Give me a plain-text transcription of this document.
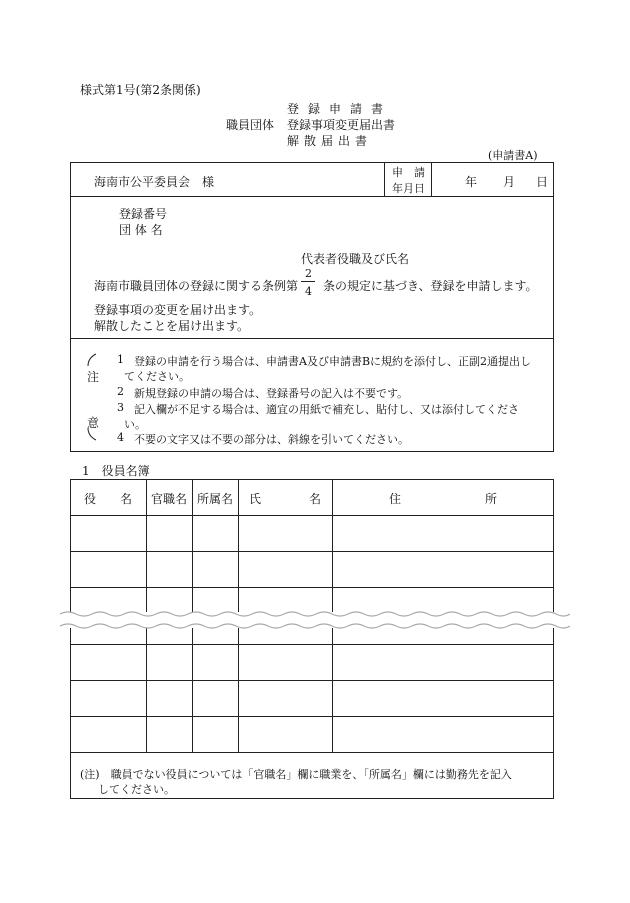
様式第1号(第2条関係)
登録申請書
職員団体 登録事項変更届出書
解散届出書
(申請書A)
海南市公平委員会　様
申　請
年月日	年 月 日
登録番号
団 体 名
代表者役職及び氏名
海南市職員団体の登録に関する条例第
2
4 条の規定に基づき、登録を申請します。
登録事項の変更を届け出ます。
解散したことを届け出ます。
注
意
1 登録の申請を行う場合は、申請書A及び申請書Bに規約を添付し、正副2通提出し
てください。
2 新規登録の申請の場合は、登録番号の記入は不要です。
3 記入欄が不足する場合は、適宜の用紙で補充し、貼付し、又は添付してくださ
い。
4 不要の文字又は不要の部分は、斜線を引いてください。
1　役員名簿
役　　名	官職名 所属名	氏　　　　名	住　　　　　　　所
(注)　職員でない役員については「官職名」欄に職業を、「所属名」欄には勤務先を記入
してください。
